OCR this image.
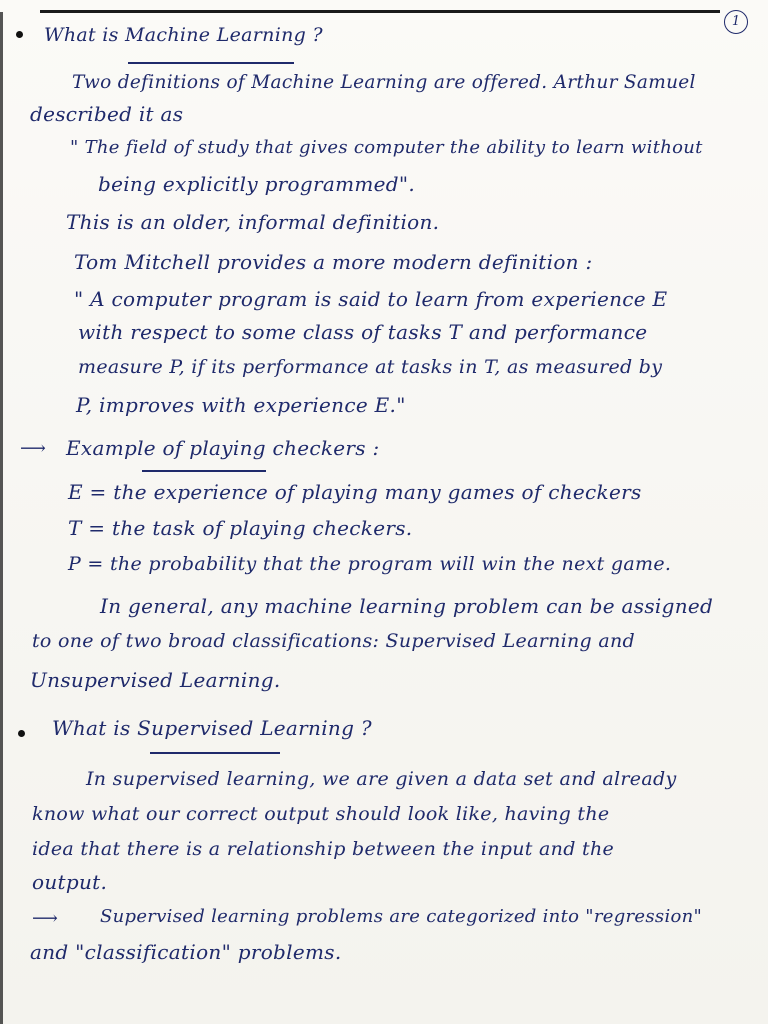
1
What is Machine Learning ?
Two definitions of Machine Learning are offered. Arthur Samuel
described it as
" The field of study that gives computer the ability to learn without
being explicitly programmed".
This is an older, informal definition.
Tom Mitchell provides a more modern definition :
" A computer program is said to learn from experience E
with respect to some class of tasks T and performance
measure P, if its performance at tasks in T, as measured by
P, improves with experience E."
⟶ Example of playing checkers :
E = the experience of playing many games of checkers
T = the task of playing checkers.
P = the probability that the program will win the next game.
In general, any machine learning problem can be assigned
to one of two broad classifications: Supervised Learning and
Unsupervised Learning.
What is Supervised Learning ?
In supervised learning, we are given a data set and already
know what our correct output should look like, having the
idea that there is a relationship between the input and the
output.
⟶ Supervised learning problems are categorized into "regression"
and "classification" problems.
